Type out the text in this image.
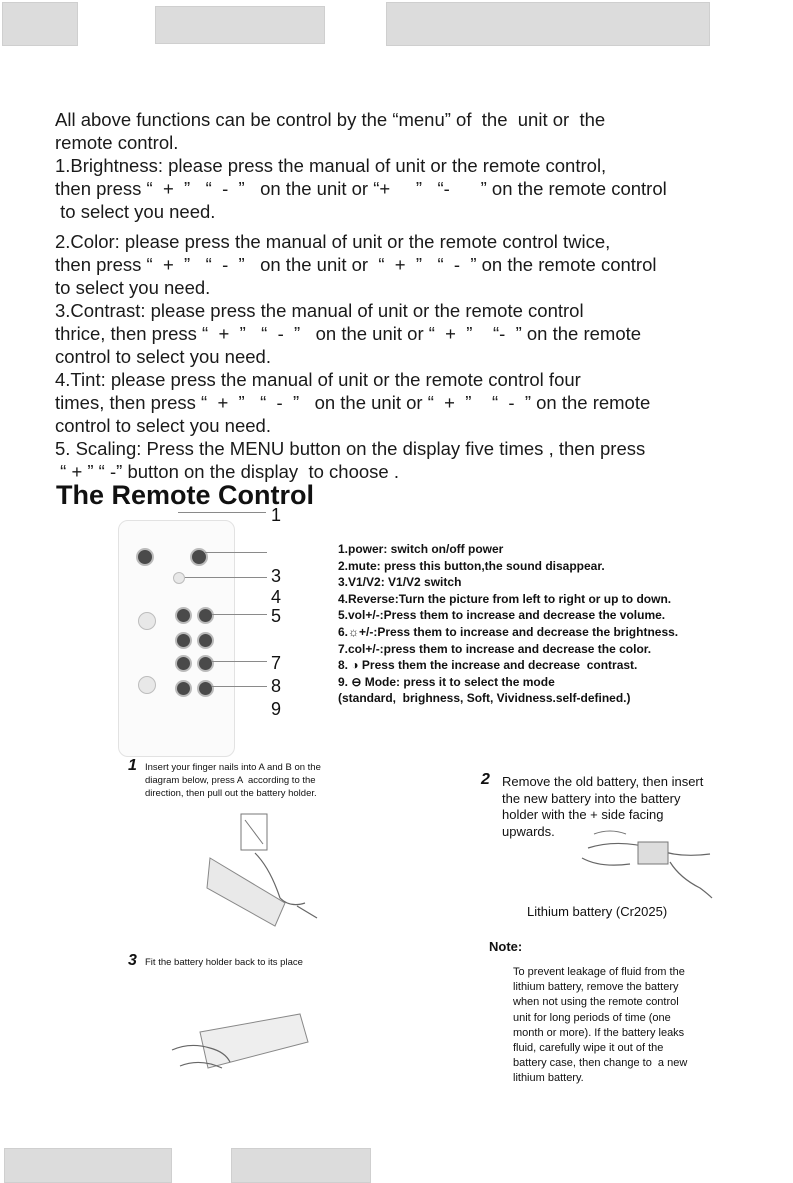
All above functions can be control by the “menu” of  the  unit or  the
remote control.
1.Brightness: please press the manual of unit or the remote control,
then press “  +  ”   “  -  ”   on the unit or “+     ”   “-      ” on the remote control
to select you need.
2.Color: please press the manual of unit or the remote control twice,
then press “  +  ”   “  -  ”   on the unit or  “  +  ”   “  -  ” on the remote control
to select you need.
3.Contrast: please press the manual of unit or the remote control
thrice, then press “  +  ”   “  -  ”   on the unit or “  +  ”    “-  ” on the remote
control to select you need.
4.Tint: please press the manual of unit or the remote control four
times, then press “  +  ”   “  -  ”   on the unit or “  +  ”    “  -  ” on the remote
control to select you need.
5. Scaling: Press the MENU button on the display five times , then press
“ + ” “ -” button on the display  to choose .
The Remote Control
1
3
4
5
7
8
9
1.power: switch on/off power
2.mute: press this button,the sound disappear.
3.V1/V2: V1/V2 switch
4.Reverse:Turn the picture from left to right or up to down.
5.vol+/-:Press them to increase and decrease the volume.
6.☼+/-:Press them to increase and decrease the brightness.
7.col+/-:press them to increase and decrease the color.
8. ◑ Press them the increase and decrease  contrast.
9. ⊖ Mode: press it to select the mode
(standard,  brighness, Soft, Vividness.self-defined.)
1 Insert your finger nails into A and B on the
diagram below, press A  according to the
direction, then pull out the battery holder.
2 Remove the old battery, then insert
the new battery into the battery
holder with the + side facing
upwards.
Lithium battery (Cr2025)
3 Fit the battery holder back to its place
Note:
To prevent leakage of fluid from the
lithium battery, remove the battery
when not using the remote control
unit for long periods of time (one
month or more). If the battery leaks
fluid, carefully wipe it out of the
battery case, then change to  a new
lithium battery.
